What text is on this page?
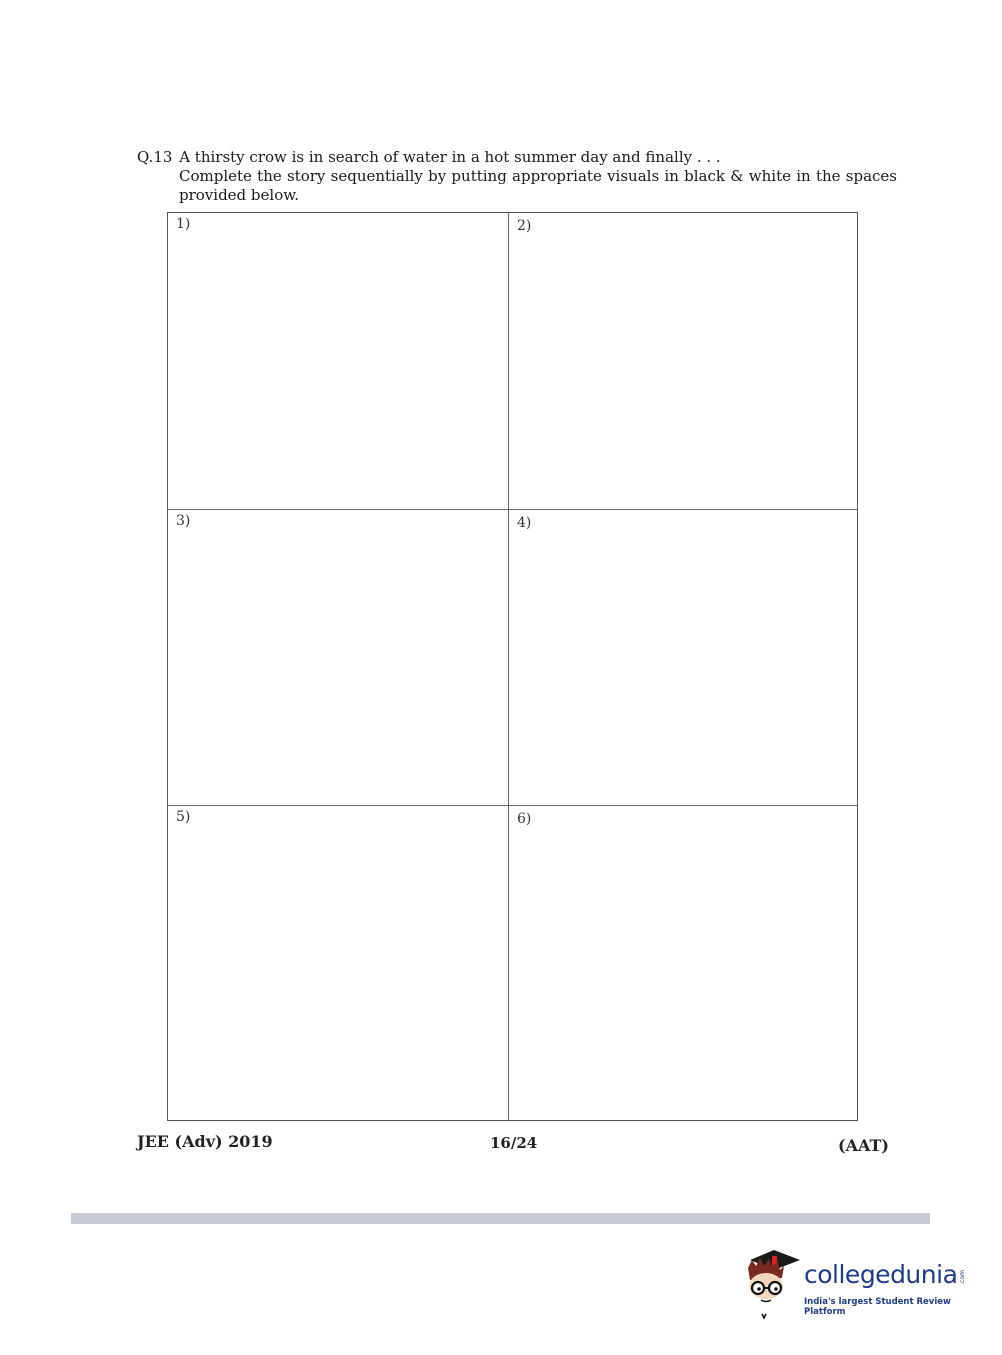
Q.13 A thirsty crow is in search of water in a hot summer day and finally . . .
Complete the story sequentially by putting appropriate visuals in black & white in the spaces provided below.
1)	2)
3)	4)
5)	6)
JEE (Adv) 2019	16/24	(AAT)
collegedunia .com
India's largest Student Review Platform
